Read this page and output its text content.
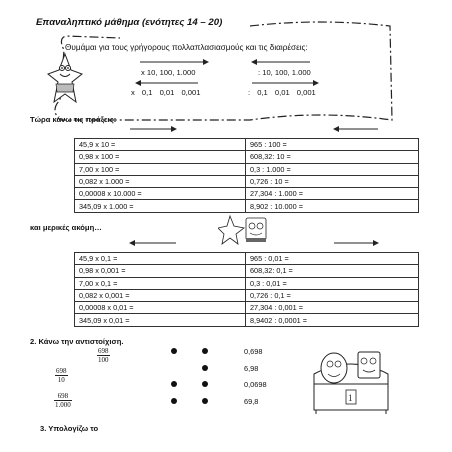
Επαναληπτικό μάθημα (ενότητες 14 – 20)
Θυμάμαι για τους γρήγορους πολλαπλασιασμούς και τις διαιρέσεις:
x 10, 100, 1.000	: 10, 100, 1.000
x 0,1 0,01 0,001	: 0,1 0,01 0,001
Τώρα κάνω τις πράξεις:
45,9 x 10 =	965 : 100 =
0,98 x 100 =	608,32: 10 =
7,00 x 100 =	0,3 : 1.000 =
0,082 x 1.000 =	0,726 : 10 =
0,00008 x 10.000 =	27,304 : 1.000 =
345,09 x 1.000 =	8,902 : 10.000 =
και μερικές ακόμη…
45,9 x 0,1 =	965 : 0,01 =
0,98 x 0,001 =	608,32: 0,1 =
7,00 x 0,1 =	0,3 : 0,01 =
0,082 x 0,001 =	0,726 : 0,1 =
0,00008 x 0,01 =	27,304 : 0,001 =
345,09 x 0,01 =	8,9402 : 0,0001 =
2. Κάνω την αντιστοίχιση.
$\frac{698}{100}$
$\frac{698}{10}$
$\frac{698}{1.000}$
0,698
6,98
0,0698
69,8	1
3. Υπολογίζω το
